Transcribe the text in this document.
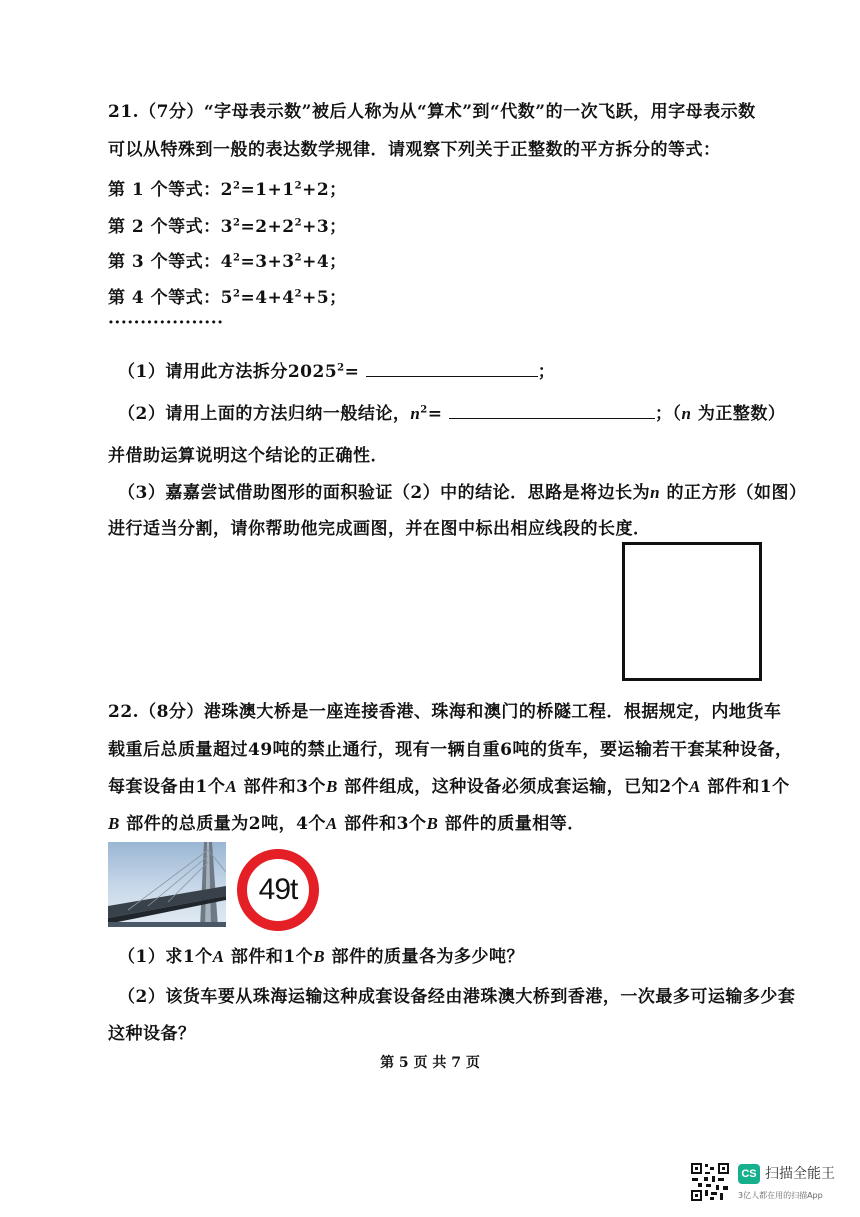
21.（7分）“字母表示数”被后人称为从“算术”到“代数”的一次飞跃，用字母表示数
可以从特殊到一般的表达数学规律．请观察下列关于正整数的平方拆分的等式：
第 1 个等式：$2^2=1+1^2+2$；
第 2 个等式：$3^2=2+2^2+3$；
第 3 个等式：$4^2=3+3^2+4$；
第 4 个等式：$5^2=4+4^2+5$；
··················
（1）请用此方法拆分$2025^2=$	；
（2）请用上面的方法归纳一般结论，$n^2=$	；（n 为正整数）
并借助运算说明这个结论的正确性．
（3）嘉嘉尝试借助图形的面积验证（2）中的结论．思路是将边长为n 的正方形（如图）
进行适当分割，请你帮助他完成画图，并在图中标出相应线段的长度．
22.（8分）港珠澳大桥是一座连接香港、珠海和澳门的桥隧工程．根据规定，内地货车
载重后总质量超过49吨的禁止通行，现有一辆自重6吨的货车，要运输若干套某种设备，
每套设备由1个A 部件和3个B 部件组成，这种设备必须成套运输，已知2个A 部件和1个
B 部件的总质量为2吨，4个A 部件和3个B 部件的质量相等．
49t
（1）求1个A 部件和1个B 部件的质量各为多少吨？
（2）该货车要从珠海运输这种成套设备经由港珠澳大桥到香港，一次最多可运输多少套
这种设备？
第 5 页 共 7 页
CS 扫描全能王
3亿人都在用的扫描App
